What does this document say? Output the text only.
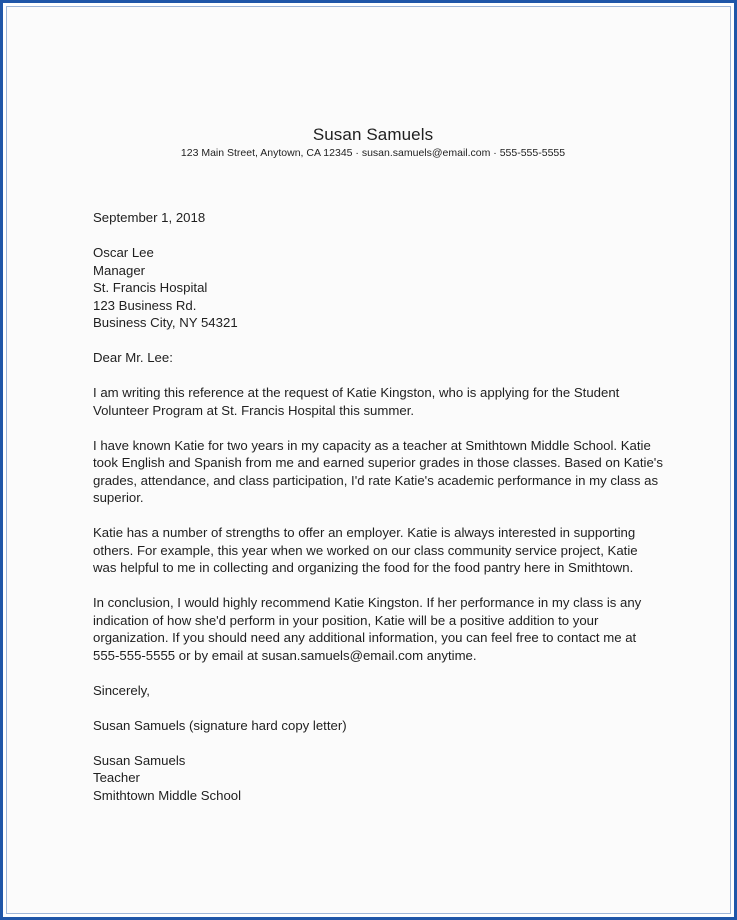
Susan Samuels
123 Main Street, Anytown, CA 12345 · susan.samuels@email.com · 555-555-5555
September 1, 2018
Oscar Lee
Manager
St. Francis Hospital
123 Business Rd.
Business City, NY 54321
Dear Mr. Lee:
I am writing this reference at the request of Katie Kingston, who is applying for the Student
Volunteer Program at St. Francis Hospital this summer.
I have known Katie for two years in my capacity as a teacher at Smithtown Middle School. Katie
took English and Spanish from me and earned superior grades in those classes. Based on Katie's
grades, attendance, and class participation, I'd rate Katie's academic performance in my class as
superior.
Katie has a number of strengths to offer an employer. Katie is always interested in supporting
others. For example, this year when we worked on our class community service project, Katie
was helpful to me in collecting and organizing the food for the food pantry here in Smithtown.
In conclusion, I would highly recommend Katie Kingston. If her performance in my class is any
indication of how she'd perform in your position, Katie will be a positive addition to your
organization. If you should need any additional information, you can feel free to contact me at
555-555-5555 or by email at susan.samuels@email.com anytime.
Sincerely,
Susan Samuels (signature hard copy letter)
Susan Samuels
Teacher
Smithtown Middle School
